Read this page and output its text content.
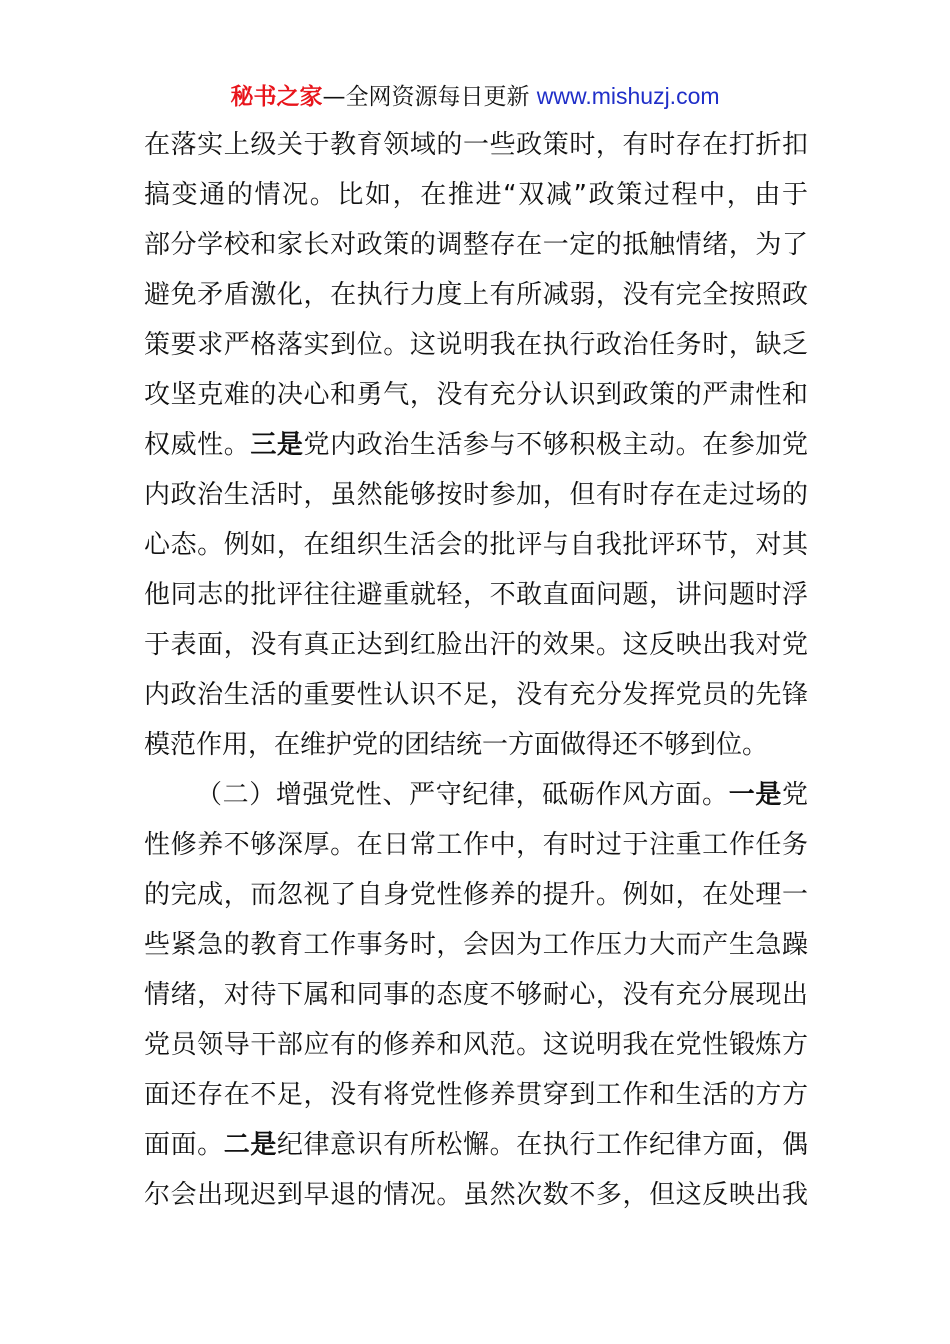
秘书之家—全网资源每日更新 www.mishuzj.com
在落实上级关于教育领域的一些政策时，有时存在打折扣
搞变通的情况。比如，在推进“双减”政策过程中，由于
部分学校和家长对政策的调整存在一定的抵触情绪，为了
避免矛盾激化，在执行力度上有所减弱，没有完全按照政
策要求严格落实到位。这说明我在执行政治任务时，缺乏
攻坚克难的决心和勇气，没有充分认识到政策的严肃性和
权威性。三是党内政治生活参与不够积极主动。在参加党
内政治生活时，虽然能够按时参加，但有时存在走过场的
心态。例如，在组织生活会的批评与自我批评环节，对其
他同志的批评往往避重就轻，不敢直面问题，讲问题时浮
于表面，没有真正达到红脸出汗的效果。这反映出我对党
内政治生活的重要性认识不足，没有充分发挥党员的先锋
模范作用，在维护党的团结统一方面做得还不够到位。
（二）增强党性、严守纪律，砥砺作风方面。一是党
性修养不够深厚。在日常工作中，有时过于注重工作任务
的完成，而忽视了自身党性修养的提升。例如，在处理一
些紧急的教育工作事务时，会因为工作压力大而产生急躁
情绪，对待下属和同事的态度不够耐心，没有充分展现出
党员领导干部应有的修养和风范。这说明我在党性锻炼方
面还存在不足，没有将党性修养贯穿到工作和生活的方方
面面。二是纪律意识有所松懈。在执行工作纪律方面，偶
尔会出现迟到早退的情况。虽然次数不多，但这反映出我
